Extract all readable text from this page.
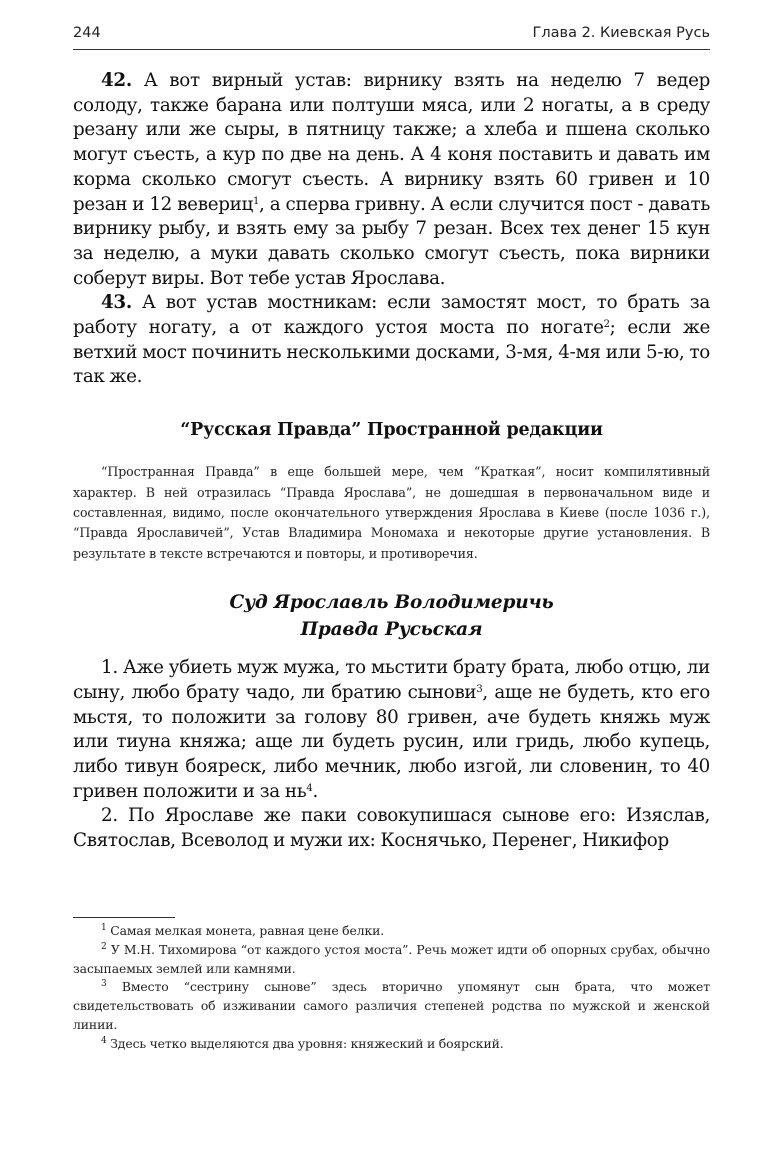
244	Глава 2. Киевская Русь

42. А вот вирный устав: вирнику взять на неделю 7 ведер солоду, также барана или полтуши мяса, или 2 ногаты, а в среду резану или же сыры, в пятницу также; а хлеба и пшена сколько могут съесть, а кур по две на день. А 4 коня поставить и давать им корма сколько смогут съесть. А вирнику взять 60 гривен и 10 резан и 12 вевериц$^1$, а сперва гривну. А если случится пост - давать вирнику рыбу, и взять ему за рыбу 7 резан. Всех тех денег 15 кун за неделю, а муки давать сколько смогут съесть, пока вирники соберут виры. Вот тебе устав Ярослава.

43. А вот устав мостникам: если замостят мост, то брать за работу ногату, а от каждого устоя моста по ногате$^2$; если же ветхий мост починить несколькими досками, 3-мя, 4-мя или 5-ю, то так же.

“Русская Правда” Пространной редакции

“Пространная Правда” в еще большей мере, чем “Краткая”, носит компилятивный характер. В ней отразилась “Правда Ярослава”, не дошедшая в первоначальном виде и составленная, видимо, после окончательного утверждения Ярослава в Киеве (после 1036 г.), “Правда Ярославичей”, Устав Владимира Мономаха и некоторые другие установления. В результате в тексте встречаются и повторы, и противоречия.

Суд Ярославль Володимеричь
Правда Русьская

1. Аже убиеть муж мужа, то мьстити брату брата, любо отцю, ли сыну, любо брату чадо, ли братию сынови$^3$, аще не будеть, кто его мьстя, то положити за голову 80 гривен, аче будеть княжь муж или тиуна княжа; аще ли будеть русин, или гридь, любо купець, либо тивун бояреск, либо мечник, любо изгой, ли словенин, то 40 гривен положити и за $нь^4$.

2. По Ярославе же паки совокупишася сынове его: Изяслав, Святослав, Всеволод и мужи их: Коснячько, Перенег, Никифор

$^1$ Самая мелкая монета, равная цене белки.

$^2$ У М.Н. Тихомирова “от каждого устоя моста”. Речь может идти об опорных срубах, обычно засыпаемых землей или камнями.

$^3$ Вместо “сестрину сынове” здесь вторично упомянут сын брата, что может свидетельствовать об изживании самого различия степеней родства по мужской и женской линии.

$^4$ Здесь четко выделяются два уровня: княжеский и боярский.
